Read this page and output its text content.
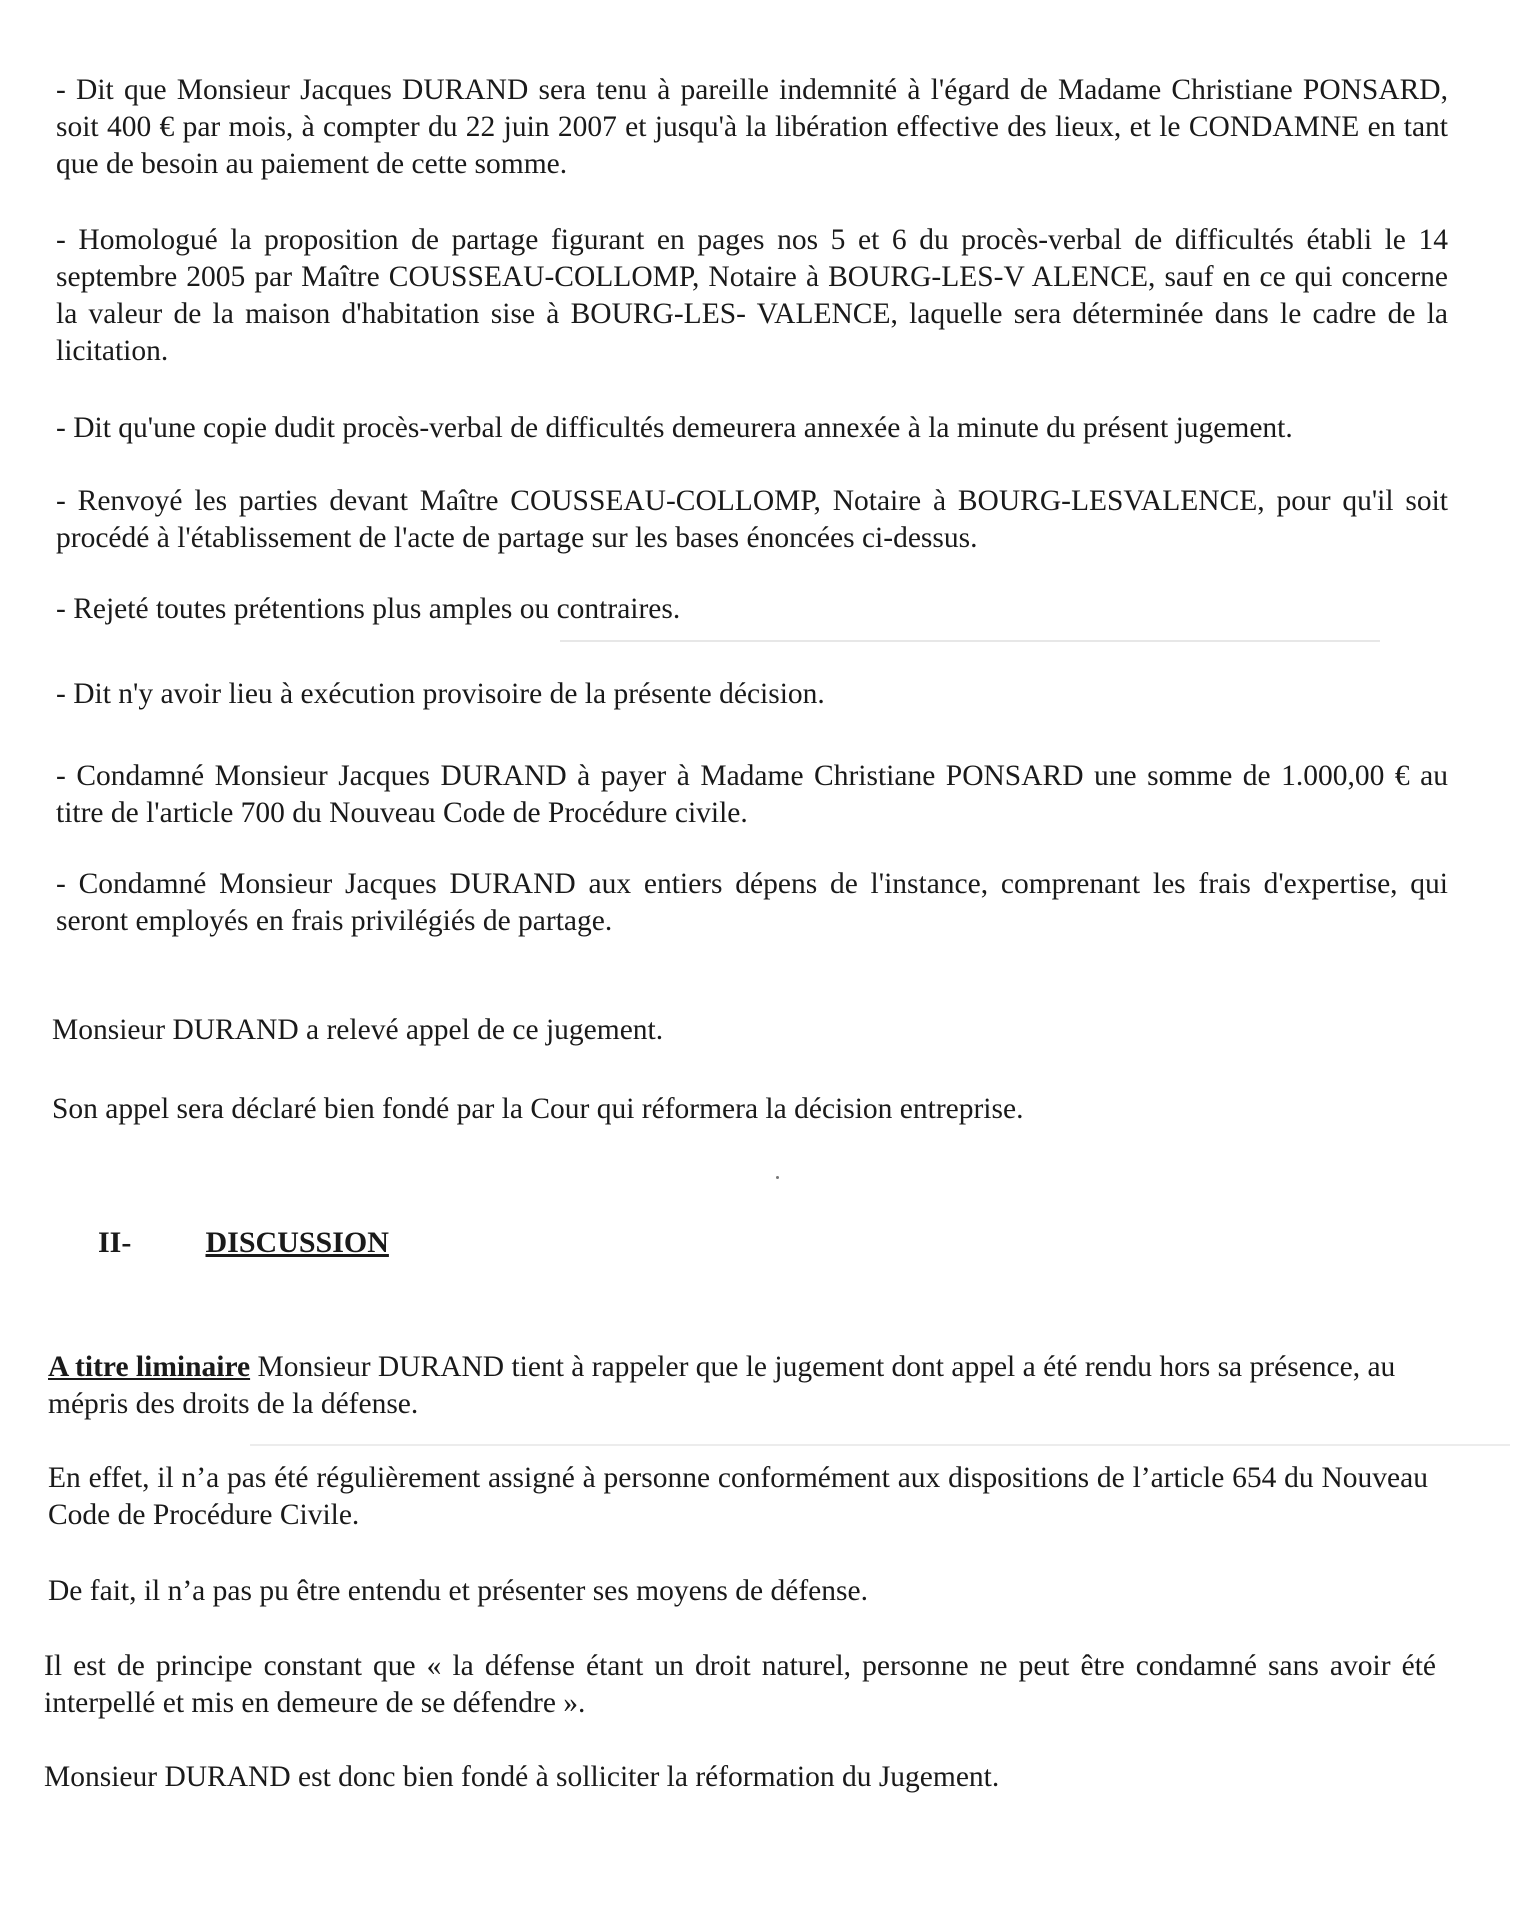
- Dit que Monsieur Jacques DURAND sera tenu à pareille indemnité à l'égard de Madame Christiane PONSARD, soit 400 € par mois, à compter du 22 juin 2007 et jusqu'à la libération effective des lieux, et le CONDAMNE en tant que de besoin au paiement de cette somme.

- Homologué la proposition de partage figurant en pages nos 5 et 6 du procès-verbal de difficultés établi le 14 septembre 2005 par Maître COUSSEAU-COLLOMP, Notaire à BOURG-LES-V ALENCE, sauf en ce qui concerne la valeur de la maison d'habitation sise à BOURG-LES- VALENCE, laquelle sera déterminée dans le cadre de la licitation.

- Dit qu'une copie dudit procès-verbal de difficultés demeurera annexée à la minute du présent jugement.

- Renvoyé les parties devant Maître COUSSEAU-COLLOMP, Notaire à BOURG-LESVALENCE, pour qu'il soit procédé à l'établissement de l'acte de partage sur les bases énoncées ci-dessus.

- Rejeté toutes prétentions plus amples ou contraires.

- Dit n'y avoir lieu à exécution provisoire de la présente décision.

- Condamné Monsieur Jacques DURAND à payer à Madame Christiane PONSARD une somme de 1.000,00 € au titre de l'article 700 du Nouveau Code de Procédure civile.

- Condamné Monsieur Jacques DURAND aux entiers dépens de l'instance, comprenant les frais d'expertise, qui seront employés en frais privilégiés de partage.

Monsieur DURAND a relevé appel de ce jugement.

Son appel sera déclaré bien fondé par la Cour qui réformera la décision entreprise.

II- DISCUSSION

A titre liminaire Monsieur DURAND tient à rappeler que le jugement dont appel a été rendu hors sa présence, au mépris des droits de la défense.

En effet, il n’a pas été régulièrement assigné à personne conformément aux dispositions de l’article 654 du Nouveau Code de Procédure Civile.

De fait, il n’a pas pu être entendu et présenter ses moyens de défense.

Il est de principe constant que « la défense étant un droit naturel, personne ne peut être condamné sans avoir été interpellé et mis en demeure de se défendre ».

Monsieur DURAND est donc bien fondé à solliciter la réformation du Jugement.
